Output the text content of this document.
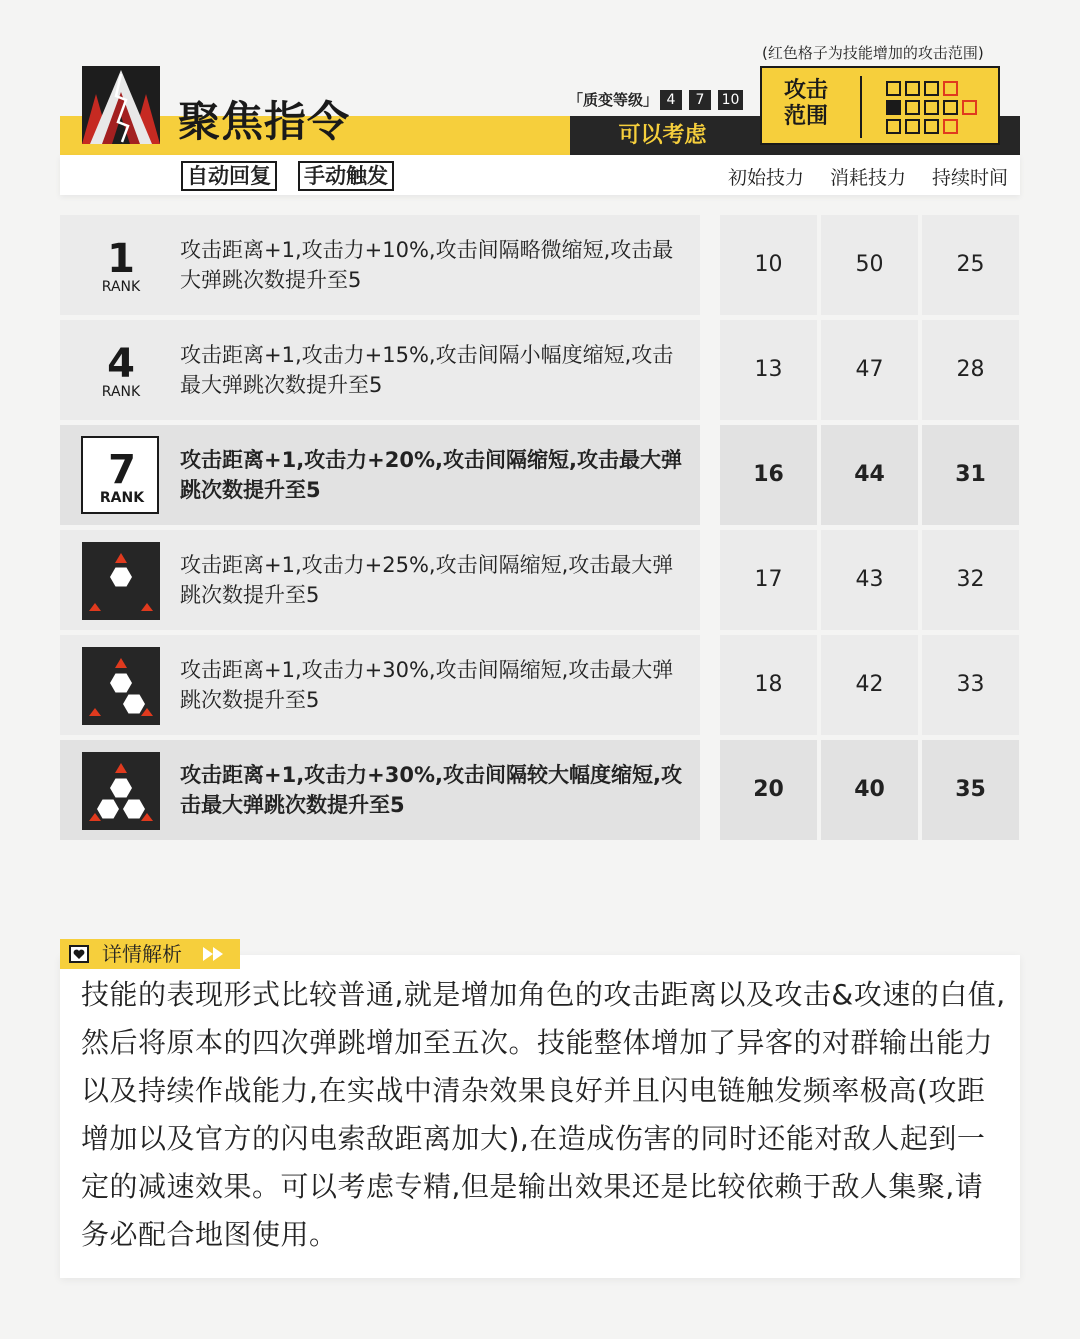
(红色格子为技能增加的攻击范围)
聚焦指令
自动回复 手动触发
「质变等级」 4	7	10
可以考虑
攻击范围
初始技力 消耗技力 持续时间
1
RANK
攻击距离+1,攻击力+10%,攻击间隔略微缩短,攻击最大弹跳次数提升至5
10	50	25
4
RANK
攻击距离+1,攻击力+15%,攻击间隔小幅度缩短,攻击最大弹跳次数提升至5
13	47	28
7
RANK
攻击距离+1,攻击力+20%,攻击间隔缩短,攻击最大弹跳次数提升至5
16	44	31
攻击距离+1,攻击力+25%,攻击间隔缩短,攻击最大弹跳次数提升至5
17	43	32
攻击距离+1,攻击力+30%,攻击间隔缩短,攻击最大弹跳次数提升至5
18	42	33
攻击距离+1,攻击力+30%,攻击间隔较大幅度缩短,攻击最大弹跳次数提升至5
20	40	35
详情解析
技能的表现形式比较普通,就是增加角色的攻击距离以及攻击&攻速的白值,然后将原本的四次弹跳增加至五次。技能整体增加了异客的对群输出能力以及持续作战能力,在实战中清杂效果良好并且闪电链触发频率极高(攻距增加以及官方的闪电索敌距离加大),在造成伤害的同时还能对敌人起到一定的减速效果。可以考虑专精,但是输出效果还是比较依赖于敌人集聚,请务必配合地图使用。
